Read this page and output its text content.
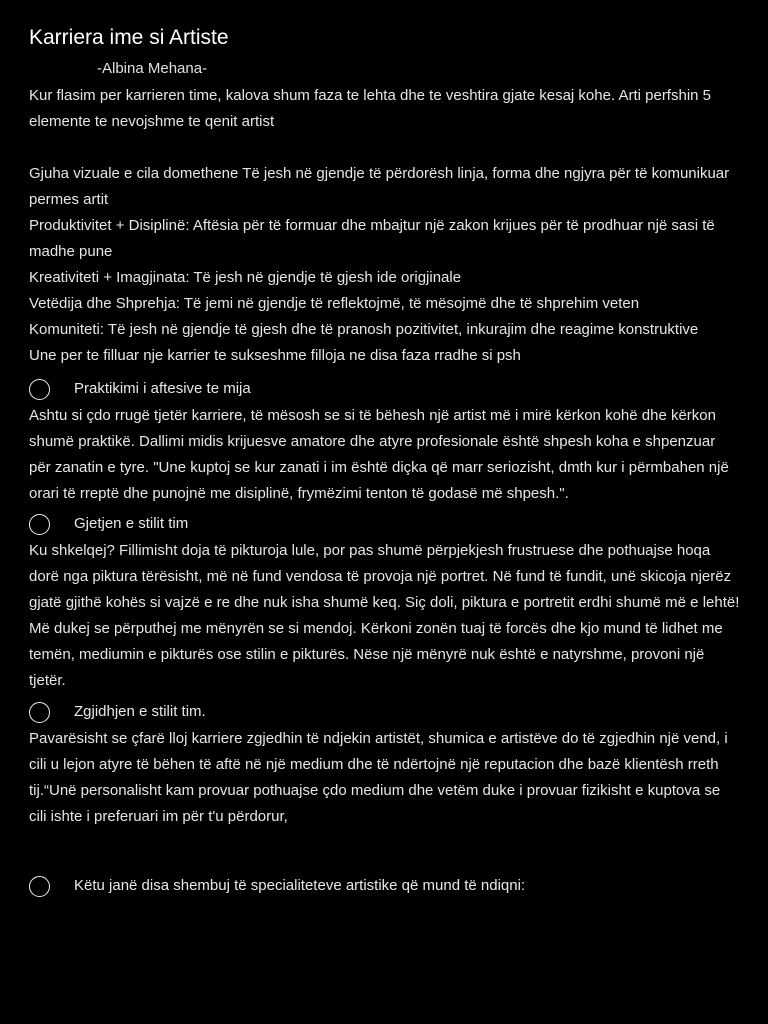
Karriera ime si Artiste
-Albina Mehana-

Kur flasim per karrieren time, kalova shum faza te lehta dhe te veshtira gjate kesaj kohe. Arti perfshin 5 elemente te nevojshme te qenit artist

Gjuha vizuale e cila domethene Të jesh në gjendje të përdorësh linja, forma dhe ngjyra për të komunikuar permes artit

Produktivitet + Disiplinë: Aftësia për të formuar dhe mbajtur një zakon krijues për të prodhuar një sasi të madhe pune

Kreativiteti + Imagjinata: Të jesh në gjendje të gjesh ide origjinale

Vetëdija dhe Shprehja: Të jemi në gjendje të reflektojmë, të mësojmë dhe të shprehim veten

Komuniteti: Të jesh në gjendje të gjesh dhe të pranosh pozitivitet, inkurajim dhe reagime konstruktive

Une per te filluar nje karrier te sukseshme filloja ne disa faza rradhe si psh

Praktikimi i aftesive te mija

Ashtu si çdo rrugë tjetër karriere, të mësosh se si të bëhesh një artist më i mirë kërkon kohë dhe kërkon shumë praktikë. Dallimi midis krijuesve amatore dhe atyre profesionale është shpesh koha e shpenzuar për zanatin e tyre. "Une kuptoj se kur zanati i im është diçka që marr seriozisht, dmth kur i përmbahen një orari të rreptë dhe punojnë me disiplinë, frymëzimi tenton të godasë më shpesh.".

Gjetjen e stilit tim

Ku shkelqej? Fillimisht doja të pikturoja lule, por pas shumë përpjekjesh frustruese dhe pothuajse hoqa dorë nga piktura tërësisht, më në fund vendosa të provoja një portret. Në fund të fundit, unë skicoja njerëz gjatë gjithë kohës si vajzë e re dhe nuk isha shumë keq. Siç doli, piktura e portretit erdhi shumë më e lehtë! Më dukej se përputhej me mënyrën se si mendoj. Kërkoni zonën tuaj të forcës dhe kjo mund të lidhet me temën, mediumin e pikturës ose stilin e pikturës. Nëse një mënyrë nuk është e natyrshme, provoni një tjetër.

Zgjidhjen e stilit tim.

Pavarësisht se çfarë lloj karriere zgjedhin të ndjekin artistët, shumica e artistëve do të zgjedhin një vend, i cili u lejon atyre të bëhen të aftë në një medium dhe të ndërtojnë një reputacion dhe bazë klientësh rreth tij.“Unë personalisht kam provuar pothuajse çdo medium dhe vetëm duke i provuar fizikisht e kuptova se cili ishte i preferuari im për t'u përdorur,

Këtu janë disa shembuj të specialiteteve artistike që mund të ndiqni:
